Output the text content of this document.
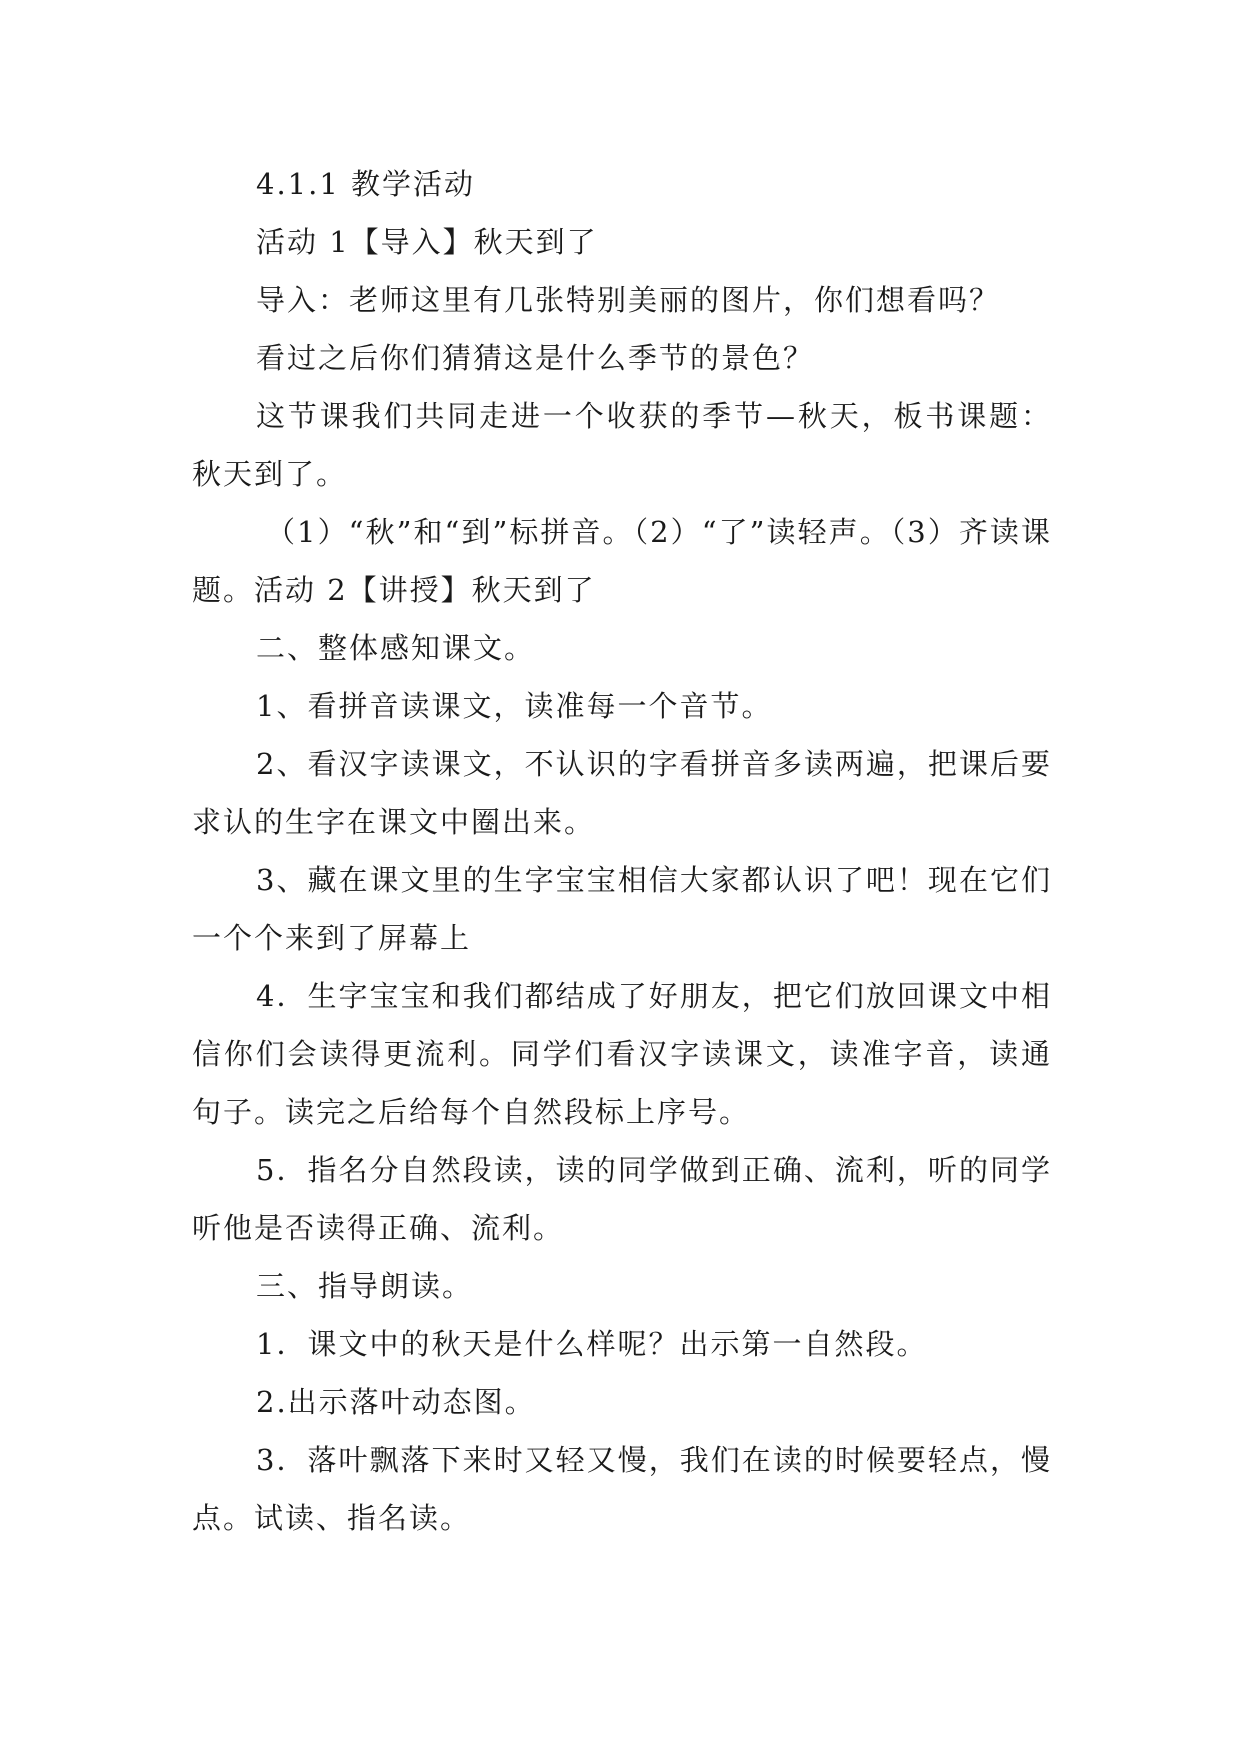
4.1.1 教学活动

活动 1【导入】秋天到了

导入：老师这里有几张特别美丽的图片，你们想看吗？

看过之后你们猜猜这是什么季节的景色？

这节课我们共同走进一个收获的季节—秋天，板书课题：秋天到了。

（1）“秋”和“到”标拼音。（2）“了”读轻声。（3）齐读课题。活动 2【讲授】秋天到了

二、整体感知课文。

1、看拼音读课文，读准每一个音节。

2、看汉字读课文，不认识的字看拼音多读两遍，把课后要求认的生字在课文中圈出来。

3、藏在课文里的生字宝宝相信大家都认识了吧！现在它们一个个来到了屏幕上

4．生字宝宝和我们都结成了好朋友，把它们放回课文中相信你们会读得更流利。同学们看汉字读课文，读准字音，读通句子。读完之后给每个自然段标上序号。

5．指名分自然段读，读的同学做到正确、流利，听的同学听他是否读得正确、流利。

三、指导朗读。

1．课文中的秋天是什么样呢？出示第一自然段。

2.出示落叶动态图。

3．落叶飘落下来时又轻又慢，我们在读的时候要轻点，慢点。试读、指名读。
